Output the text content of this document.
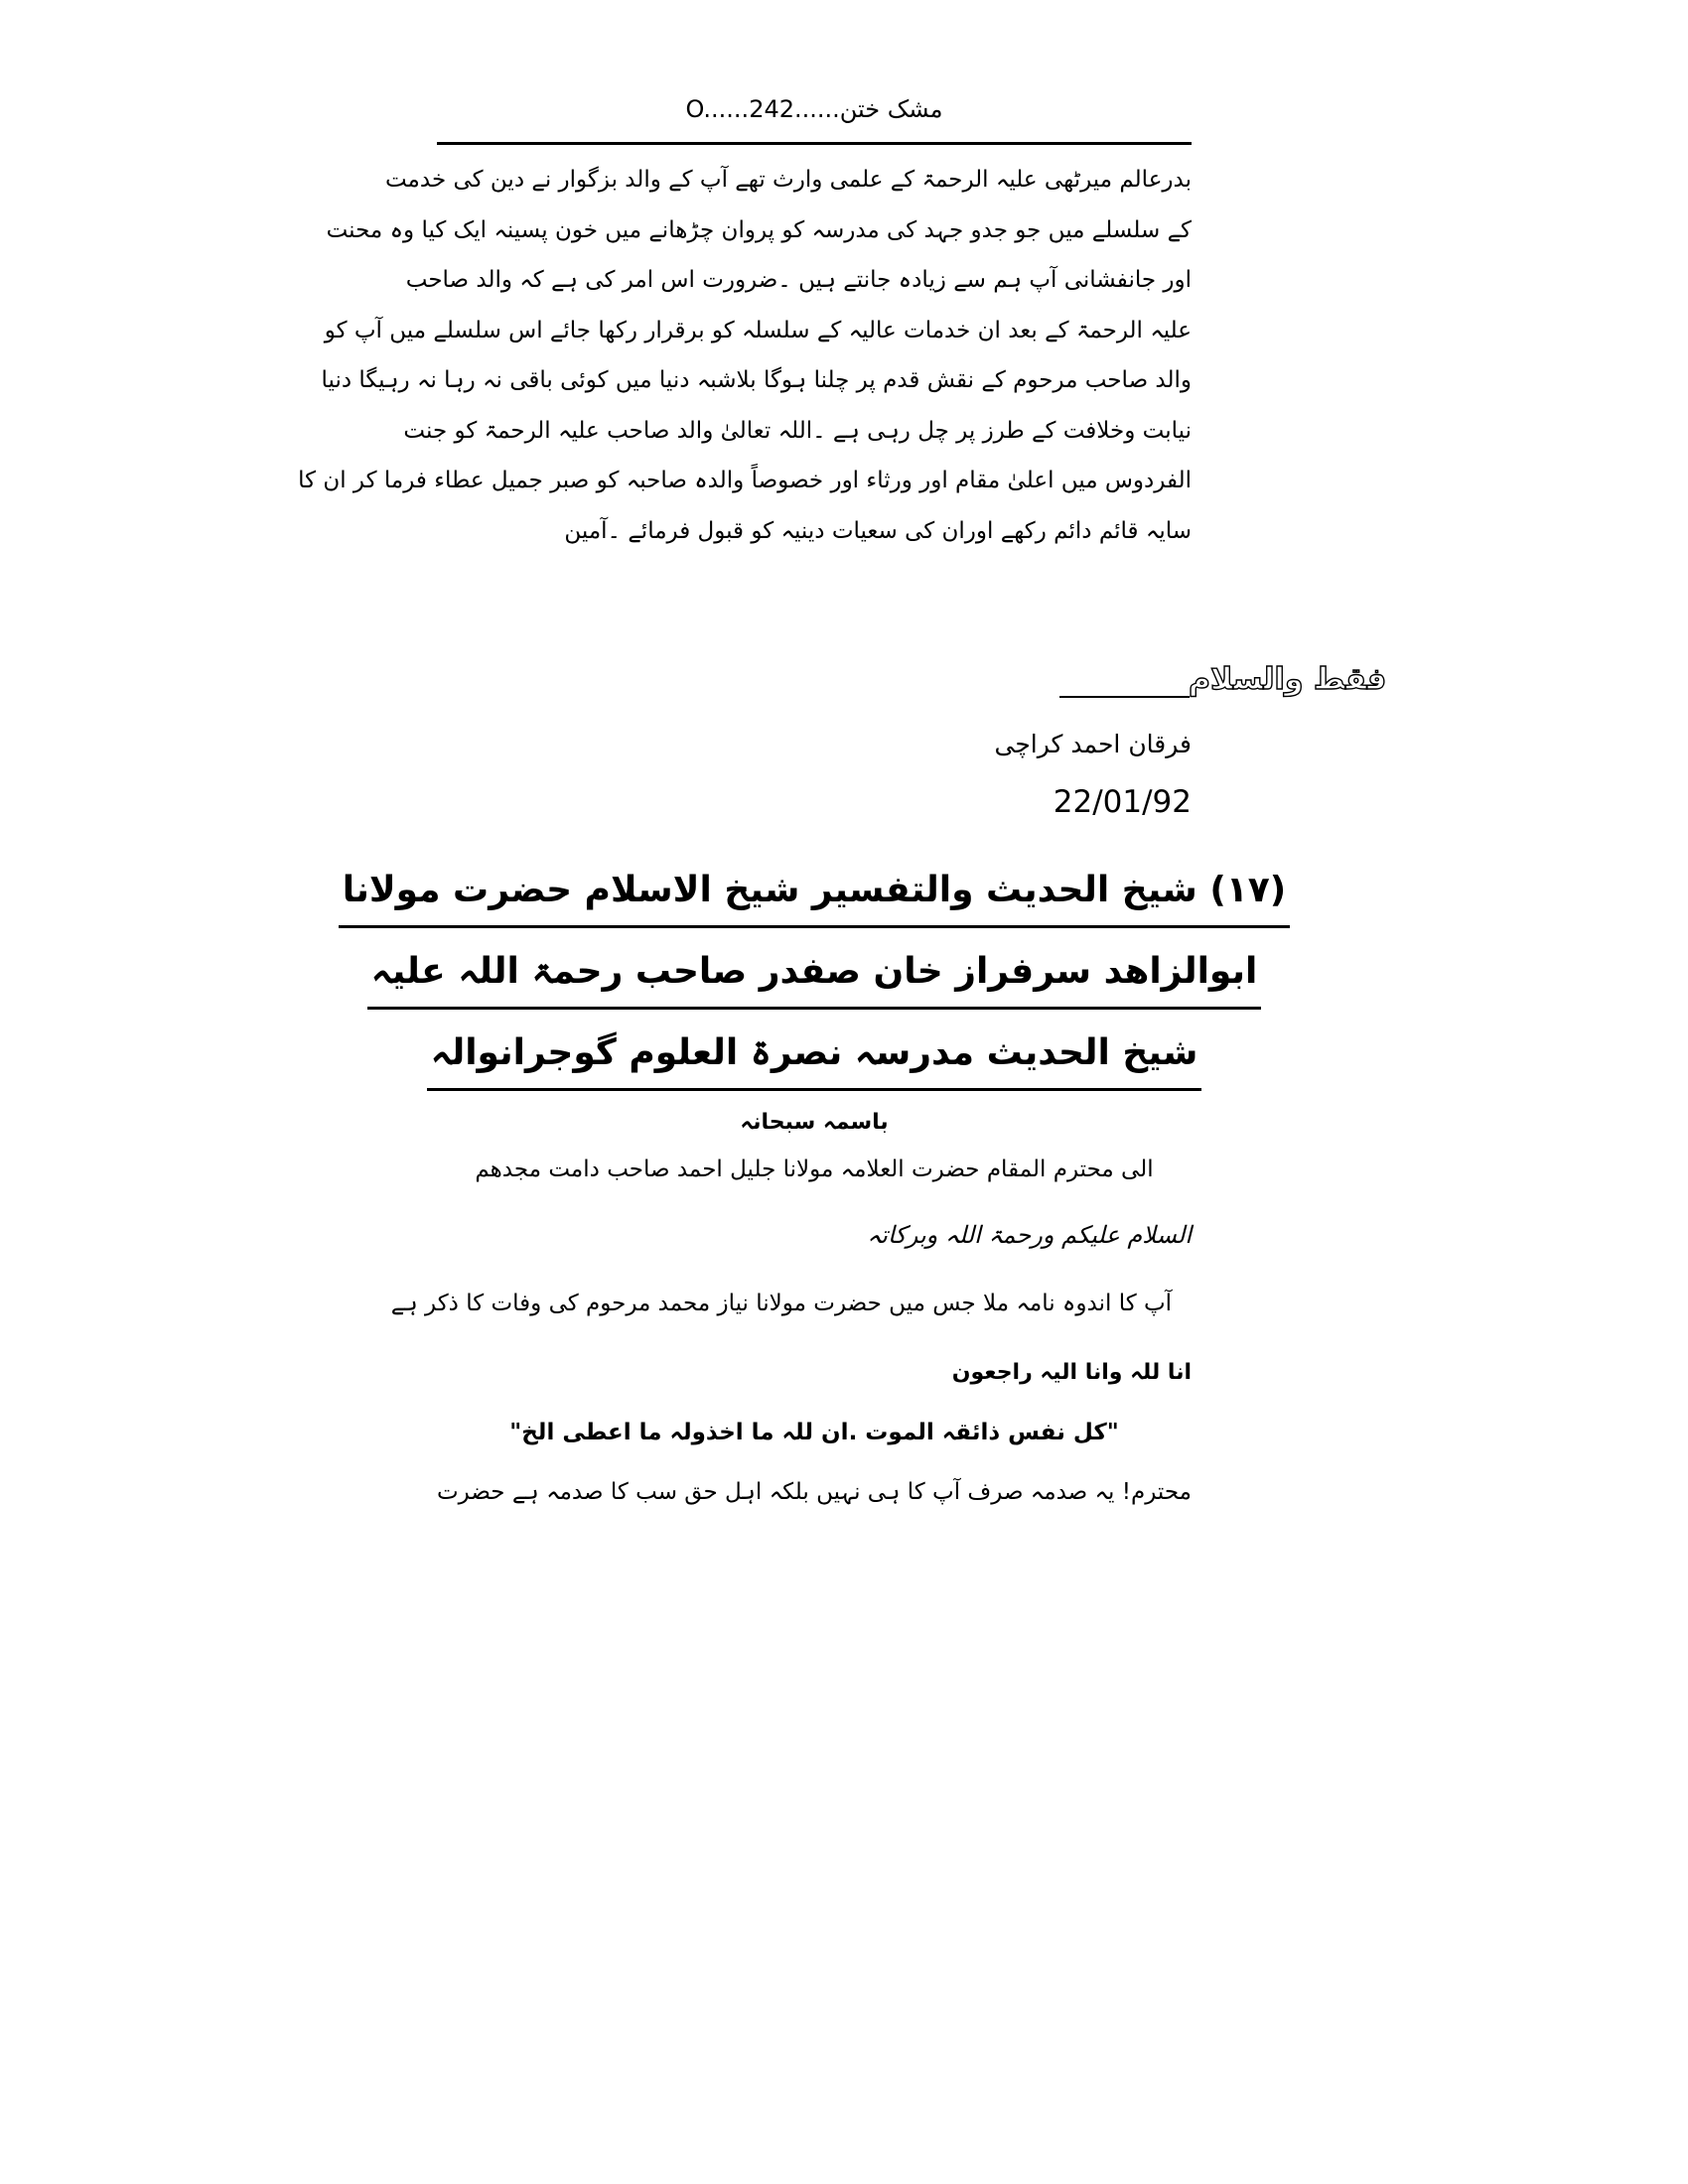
مشک ختن......O......242
بدرعالم میرٹھی علیہ الرحمۃ کے علمی وارث تھے آپ کے والد بزگوار نے دین کی خدمت
کے سلسلے میں جو جدو جہد کی مدرسہ کو پروان چڑھانے میں خون پسینہ ایک کیا وہ محنت
اور جانفشانی آپ ہم سے زیادہ جانتے ہیں ۔ضرورت اس امر کی ہے کہ والد صاحب
علیہ الرحمۃ کے بعد ان خدمات عالیہ کے سلسلہ کو برقرار رکھا جائے اس سلسلے میں آپ کو
والد صاحب مرحوم کے نقش قدم پر چلنا ہوگا بلاشبہ دنیا میں کوئی باقی نہ رہا نہ رہیگا دنیا
نیابت وخلافت کے طرز پر چل رہی ہے ۔اللہ تعالیٰ والد صاحب علیہ الرحمۃ کو جنت
الفردوس میں اعلیٰ مقام اور ورثاء اور خصوصاً والدہ صاحبہ کو صبر جمیل عطاء فرما کر ان کا
سایہ قائم دائم رکھے اوران کی سعیات دینیہ کو قبول فرمائے ۔آمین
فقط والسلام
فرقان احمد کراچی
22/01/92
(۱۷) شیخ الحدیث والتفسیر شیخ الاسلام حضرت مولانا
ابوالزاھد سرفراز خان صفدر صاحب رحمۃ اللہ علیہ
شیخ الحدیث مدرسہ نصرۃ العلوم گوجرانوالہ
باسمہ سبحانہ
الی محترم المقام حضرت العلامہ مولانا جلیل احمد صاحب دامت مجدھم
السلام علیکم ورحمۃ اللہ وبرکاتہ
آپ کا اندوہ نامہ ملا جس میں حضرت مولانا نیاز محمد مرحوم کی وفات کا ذکر ہے
انا للہ وانا الیہ راجعون
"کل نفس ذائقہ الموت .ان للہ ما اخذولہ ما اعطی الخ"
محترم! یہ صدمہ صرف آپ کا ہی نہیں بلکہ اہل حق سب کا صدمہ ہے حضرت
